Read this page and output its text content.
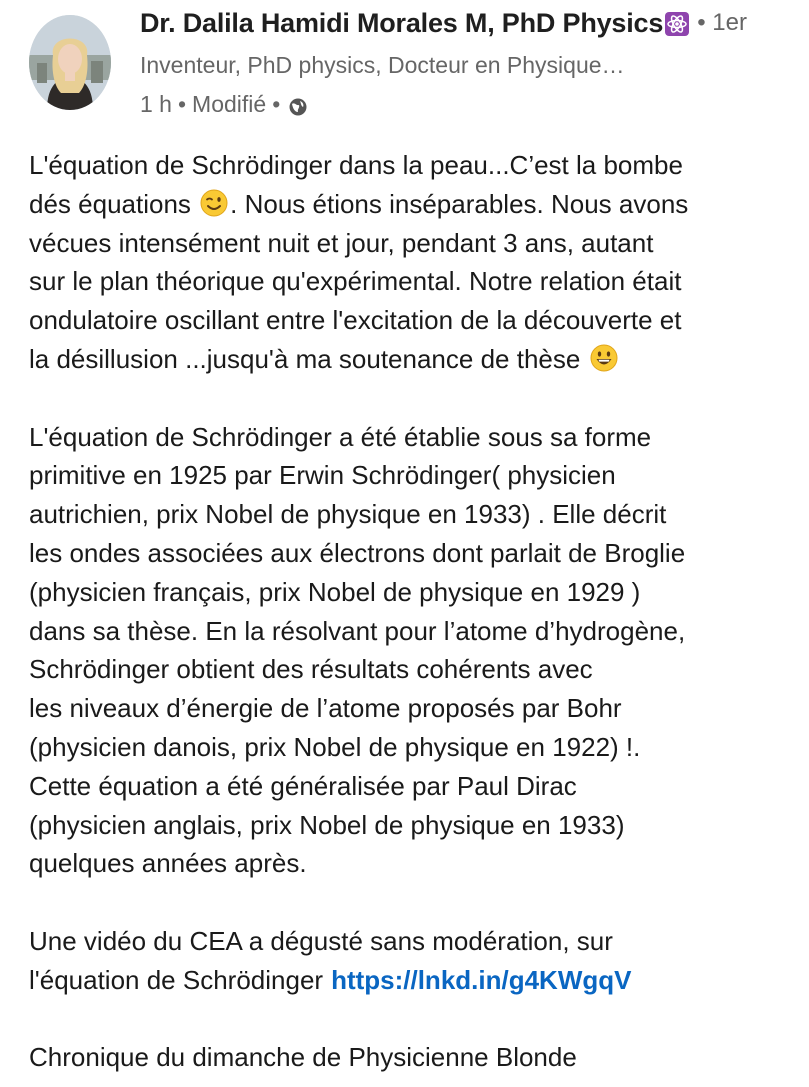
Dr. Dalila Hamidi Morales M, PhD Physics • 1er
Inventeur, PhD physics, Docteur en Physique…
1 h • Modifié •
L'équation de Schrödinger dans la peau...C’est la bombe
dés équations . Nous étions inséparables. Nous avons
vécues intensément nuit et jour, pendant 3 ans, autant
sur le plan théorique qu'expérimental. Notre relation était
ondulatoire oscillant entre l'excitation de la découverte et
la désillusion ...jusqu'à ma soutenance de thèse
L'équation de Schrödinger a été établie sous sa forme
primitive en 1925 par Erwin Schrödinger( physicien
autrichien, prix Nobel de physique en 1933) . Elle décrit
les ondes associées aux électrons dont parlait de Broglie
(physicien français, prix Nobel de physique en 1929 )
dans sa thèse. En la résolvant pour l’atome d’hydrogène,
Schrödinger obtient des résultats cohérents avec
les niveaux d’énergie de l’atome proposés par Bohr
(physicien danois, prix Nobel de physique en 1922) !.
Cette équation a été généralisée par Paul Dirac
(physicien anglais, prix Nobel de physique en 1933)
quelques années après.
Une vidéo du CEA a dégusté sans modération, sur
l'équation de Schrödinger https://lnkd.in/g4KWgqV
Chronique du dimanche de Physicienne Blonde
